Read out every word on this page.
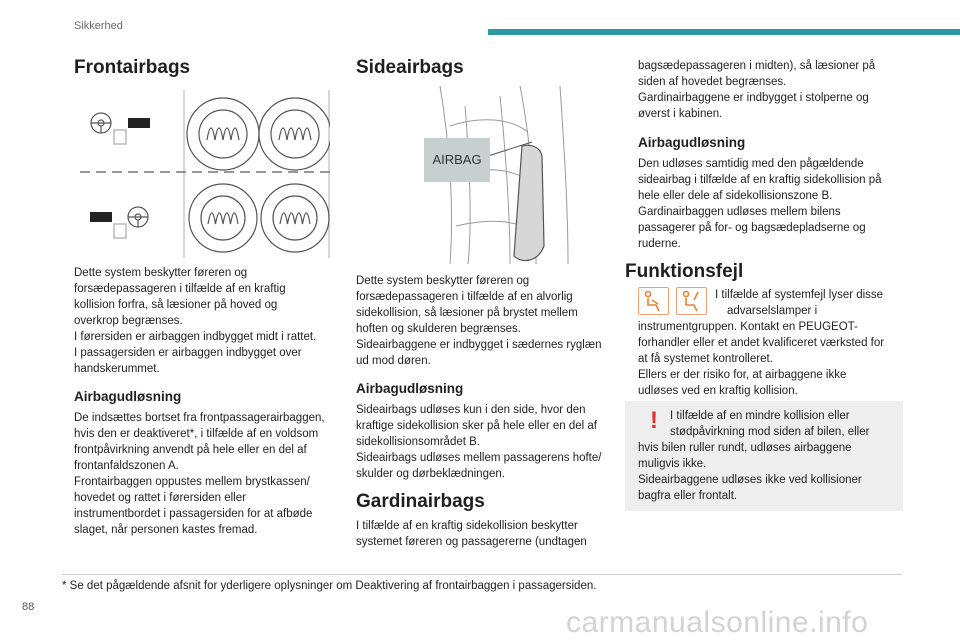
Sikkerhed
Frontairbags

Dette system beskytter føreren og

forsædepassageren i tilfælde af en kraftig

kollision forfra, så læsioner på hoved og

overkrop begrænses.

I førersiden er airbaggen indbygget midt i rattet.

I passagersiden er airbaggen indbygget over

handskerummet.

Airbagudløsning

De indsættes bortset fra frontpassagerairbaggen,

hvis den er deaktiveret*, i tilfælde af en voldsom

frontpåvirkning anvendt på hele eller en del af

frontanfaldszonen A.

Frontairbaggen oppustes mellem brystkassen/

hovedet og rattet i førersiden eller

instrumentbordet i passagersiden for at afbøde

slaget, når personen kastes fremad.

Sideairbags
AIRBAG

Dette system beskytter føreren og

forsædepassageren i tilfælde af en alvorlig

sidekollision, så læsioner på brystet mellem

hoften og skulderen begrænses.

Sideairbaggene er indbygget i sædernes ryglæn

ud mod døren.

Airbagudløsning

Sideairbags udløses kun i den side, hvor den

kraftige sidekollision sker på hele eller en del af

sidekollisionsområdet B.

Sideairbags udløses mellem passagerens hofte/

skulder og dørbeklædningen.

Gardinairbags

I tilfælde af en kraftig sidekollision beskytter

systemet føreren og passagererne (undtagen

bagsædepassageren i midten), så læsioner på

siden af hovedet begrænses.

Gardinairbaggene er indbygget i stolperne og

øverst i kabinen.

Airbagudløsning

Den udløses samtidig med den pågældende

sideairbag i tilfælde af en kraftig sidekollision på

hele eller dele af sidekollisionszone B.

Gardinairbaggen udløses mellem bilens

passagerer på for- og bagsædepladserne og

ruderne.

Funktionsfejl

I tilfælde af systemfejl lyser disse

advarselslamper i

instrumentgruppen. Kontakt en PEUGEOT-

forhandler eller et andet kvalificeret værksted for

at få systemet kontrolleret.

Ellers er der risiko for, at airbaggene ikke

udløses ved en kraftig kollision.

! I tilfælde af en mindre kollision eller

stødpåvirkning mod siden af bilen, eller

hvis bilen ruller rundt, udløses airbaggene

muligvis ikke.

Sideairbaggene udløses ikke ved kollisioner

bagfra eller frontalt.

* Se det pågældende afsnit for yderligere oplysninger om Deaktivering af frontairbaggen i passagersiden.
88	carmanualsonline.info
